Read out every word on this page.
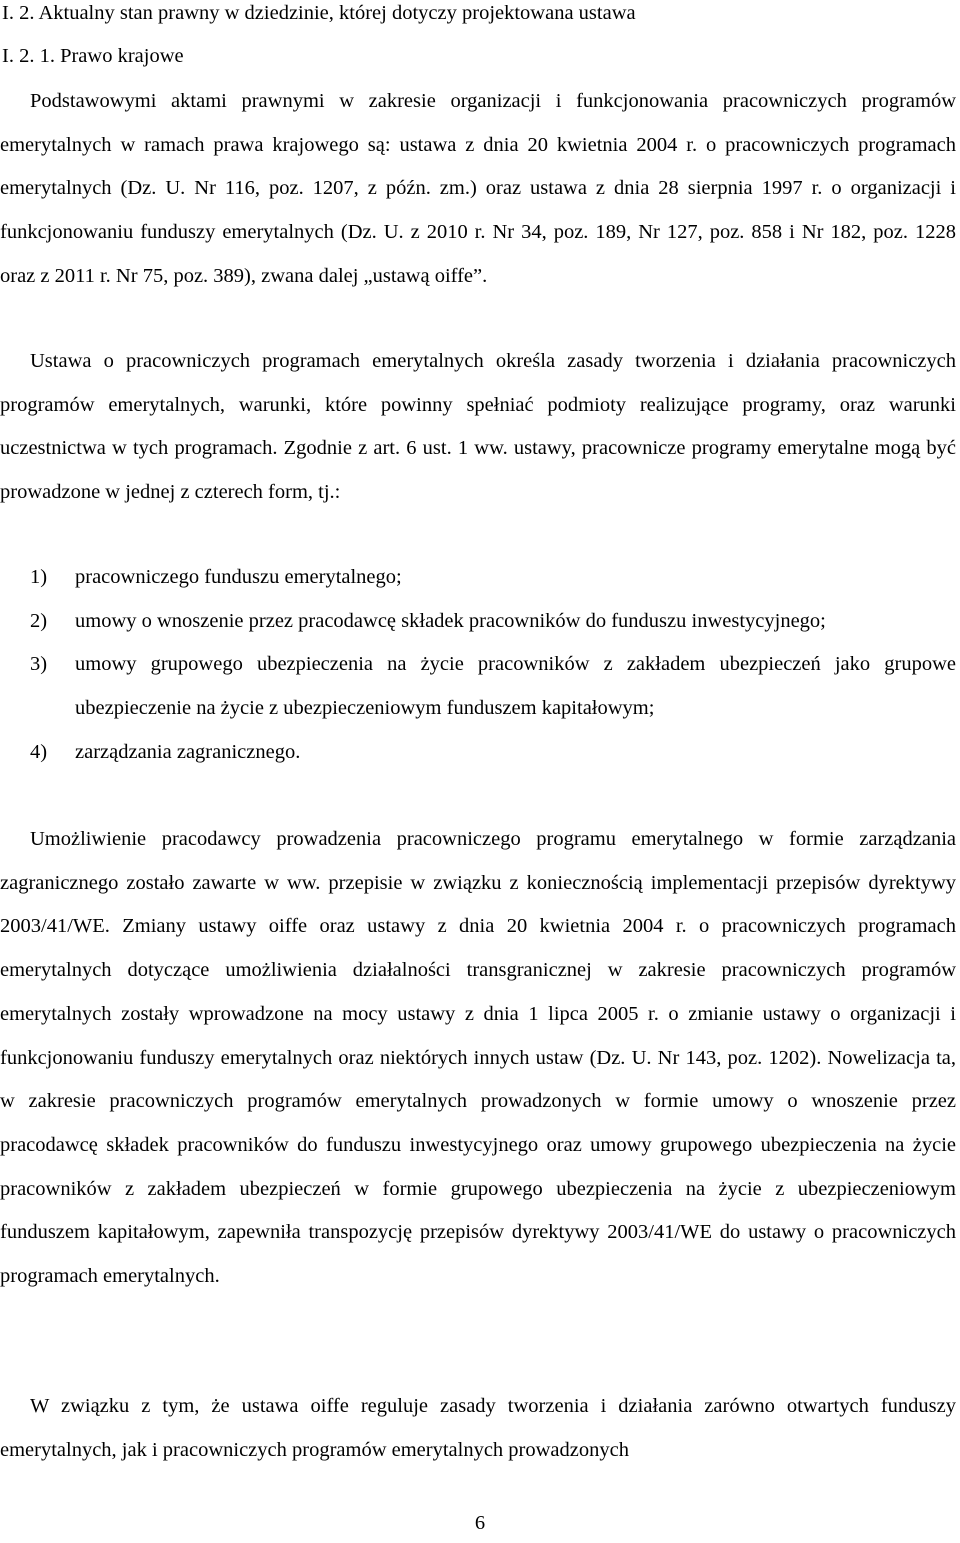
I. 2. Aktualny stan prawny w dziedzinie, której dotyczy projektowana ustawa
I. 2. 1. Prawo krajowe

Podstawowymi aktami prawnymi w zakresie organizacji i funkcjonowania pracowniczych programów emerytalnych w ramach prawa krajowego są: ustawa z dnia 20 kwietnia 2004 r. o pracowniczych programach emerytalnych (Dz. U. Nr 116, poz. 1207, z późn. zm.) oraz ustawa z dnia 28 sierpnia 1997 r. o organizacji i funkcjonowaniu funduszy emerytalnych (Dz. U. z 2010 r. Nr 34, poz. 189, Nr 127, poz. 858 i Nr 182, poz. 1228 oraz z 2011 r. Nr 75, poz. 389), zwana dalej „ustawą oiffe”.

Ustawa o pracowniczych programach emerytalnych określa zasady tworzenia i działania pracowniczych programów emerytalnych, warunki, które powinny spełniać podmioty realizujące programy, oraz warunki uczestnictwa w tych programach. Zgodnie z art. 6 ust. 1 ww. ustawy, pracownicze programy emerytalne mogą być prowadzone w jednej z czterech form, tj.:

1) pracowniczego funduszu emerytalnego;
2) umowy o wnoszenie przez pracodawcę składek pracowników do funduszu inwestycyjnego;
3) umowy grupowego ubezpieczenia na życie pracowników z zakładem ubezpieczeń jako grupowe ubezpieczenie na życie z ubezpieczeniowym funduszem kapitałowym;
4) zarządzania zagranicznego.

Umożliwienie pracodawcy prowadzenia pracowniczego programu emerytalnego w formie zarządzania zagranicznego zostało zawarte w ww. przepisie w związku z koniecznością implementacji przepisów dyrektywy 2003/41/WE. Zmiany ustawy oiffe oraz ustawy z dnia 20 kwietnia 2004 r. o pracowniczych programach emerytalnych dotyczące umożliwienia działalności transgranicznej w zakresie pracowniczych programów emerytalnych zostały wprowadzone na mocy ustawy z dnia 1 lipca 2005 r. o zmianie ustawy o organizacji i funkcjonowaniu funduszy emerytalnych oraz niektórych innych ustaw (Dz. U. Nr 143, poz. 1202). Nowelizacja ta, w zakresie pracowniczych programów emerytalnych prowadzonych w formie umowy o wnoszenie przez pracodawcę składek pracowników do funduszu inwestycyjnego oraz umowy grupowego ubezpieczenia na życie pracowników z zakładem ubezpieczeń w formie grupowego ubezpieczenia na życie z ubezpieczeniowym funduszem kapitałowym, zapewniła transpozycję przepisów dyrektywy 2003/41/WE do ustawy o pracowniczych programach emerytalnych.

W związku z tym, że ustawa oiffe reguluje zasady tworzenia i działania zarówno otwartych funduszy emerytalnych, jak i pracowniczych programów emerytalnych prowadzonych

6
